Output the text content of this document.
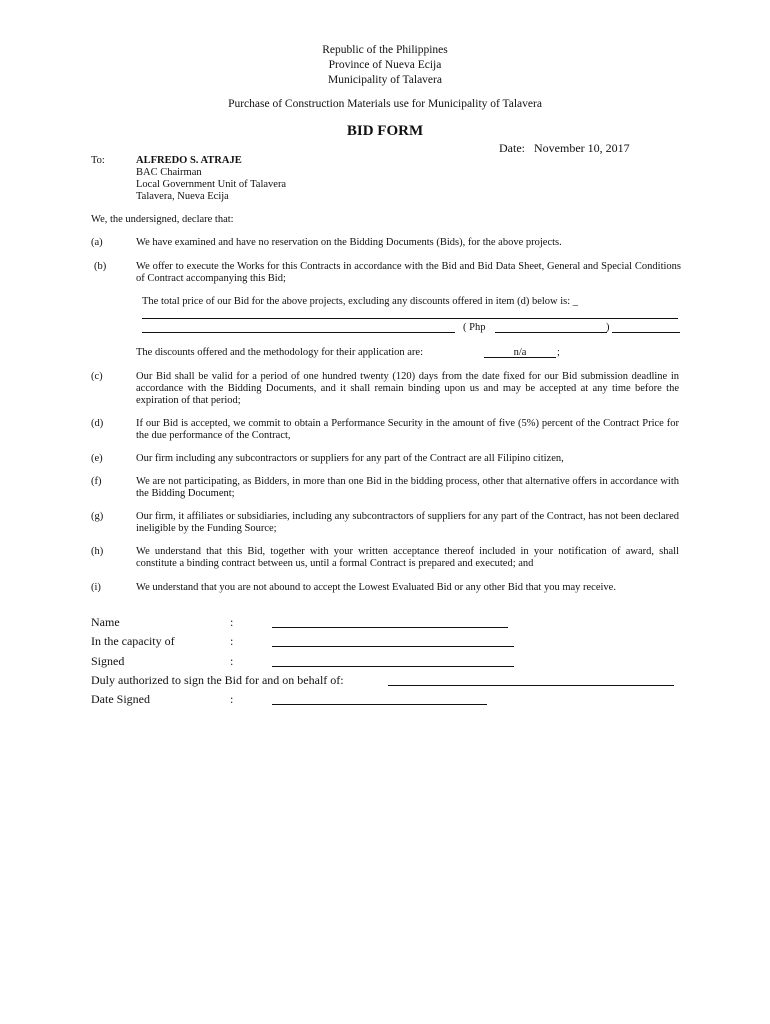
Republic of the Philippines
Province of Nueva Ecija
Municipality of Talavera
Purchase of Construction Materials use for Municipality of Talavera
BID FORM
Date: November 10, 2017
To:	ALFREDO S. ATRAJE
BAC Chairman
Local Government Unit of Talavera
Talavera, Nueva Ecija
We, the undersigned, declare that:
(a)	We have examined and have no reservation on the Bidding Documents (Bids), for the above projects.
(b)	We offer to execute the Works for this Contracts in accordance with the Bid and Bid Data Sheet, General and Special Conditions of Contract accompanying this Bid;
The total price of our Bid for the above projects, excluding any discounts offered in item (d) below is: _
( Php	)
The discounts offered and the methodology for their application are:	n/a	;
(c)	Our Bid shall be valid for a period of one hundred twenty (120) days from the date fixed for our Bid submission deadline in accordance with the Bidding Documents, and it shall remain binding upon us and may be accepted at any time before the expiration of that period;
(d)	If our Bid is accepted, we commit to obtain a Performance Security in the amount of five (5%) percent of the Contract Price for the due performance of the Contract,
(e)	Our firm including any subcontractors or suppliers for any part of the Contract are all Filipino citizen,
(f)	We are not participating, as Bidders, in more than one Bid in the bidding process, other that alternative offers in accordance with the Bidding Document;
(g)	Our firm, it affiliates or subsidiaries, including any subcontractors of suppliers for any part of the Contract, has not been declared ineligible by the Funding Source;
(h)	We understand that this Bid, together with your written acceptance thereof included in your notification of award, shall constitute a binding contract between us, until a formal Contract is prepared and executed; and
(i)	We understand that you are not abound to accept the Lowest Evaluated Bid or any other Bid that you may receive.
Name	:
In the capacity of	:
Signed	:
Duly authorized to sign the Bid for and on behalf of:
Date Signed	:
